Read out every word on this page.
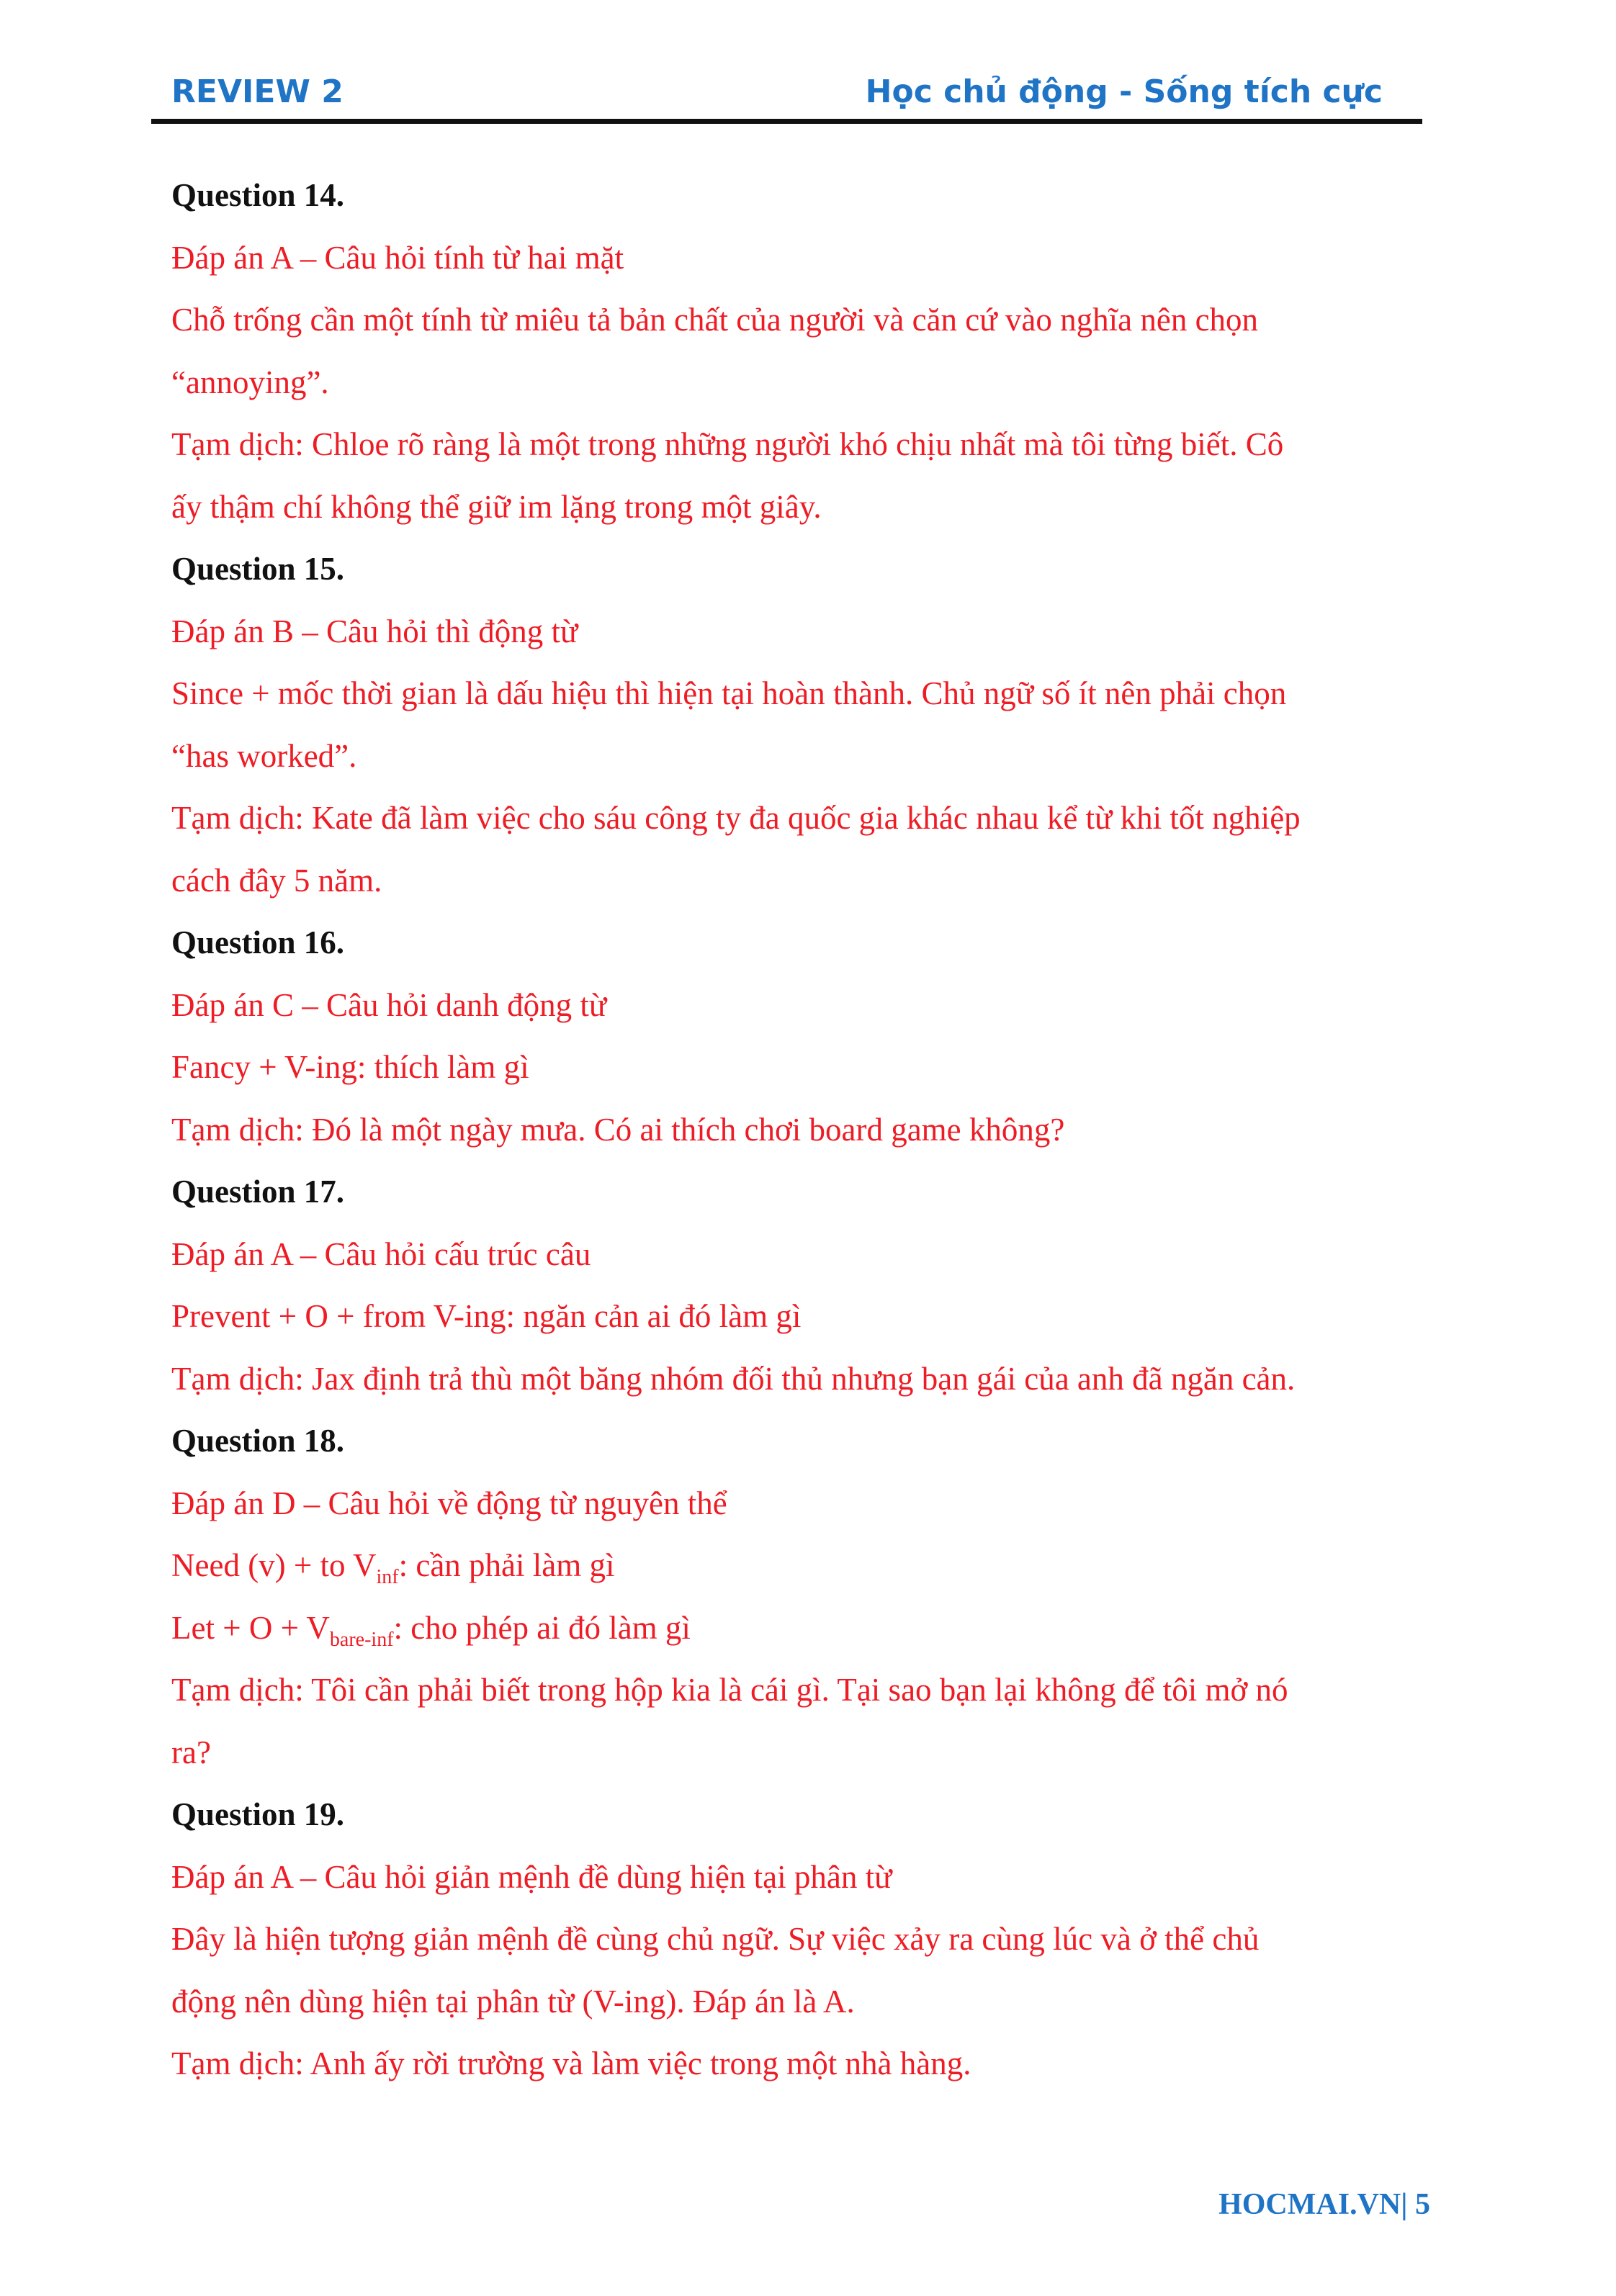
REVIEW 2	Học chủ động - Sống tích cực
Question 14.
Đáp án A – Câu hỏi tính từ hai mặt
Chỗ trống cần một tính từ miêu tả bản chất của người và căn cứ vào nghĩa nên chọn
“annoying”.
Tạm dịch: Chloe rõ ràng là một trong những người khó chịu nhất mà tôi từng biết. Cô
ấy thậm chí không thể giữ im lặng trong một giây.
Question 15.
Đáp án B – Câu hỏi thì động từ
Since + mốc thời gian là dấu hiệu thì hiện tại hoàn thành. Chủ ngữ số ít nên phải chọn
“has worked”.
Tạm dịch: Kate đã làm việc cho sáu công ty đa quốc gia khác nhau kể từ khi tốt nghiệp
cách đây 5 năm.
Question 16.
Đáp án C – Câu hỏi danh động từ
Fancy + V-ing: thích làm gì
Tạm dịch: Đó là một ngày mưa. Có ai thích chơi board game không?
Question 17.
Đáp án A – Câu hỏi cấu trúc câu
Prevent + O + from V-ing: ngăn cản ai đó làm gì
Tạm dịch: Jax định trả thù một băng nhóm đối thủ nhưng bạn gái của anh đã ngăn cản.
Question 18.
Đáp án D – Câu hỏi về động từ nguyên thể
Need (v) + to $V_{inf}$: cần phải làm gì
Let + $O + V_{bare-inf}$: cho phép ai đó làm gì
Tạm dịch: Tôi cần phải biết trong hộp kia là cái gì. Tại sao bạn lại không để tôi mở nó
ra?
Question 19.
Đáp án A – Câu hỏi giản mệnh đề dùng hiện tại phân từ
Đây là hiện tượng giản mệnh đề cùng chủ ngữ. Sự việc xảy ra cùng lúc và ở thể chủ
động nên dùng hiện tại phân từ (V-ing). Đáp án là A.
Tạm dịch: Anh ấy rời trường và làm việc trong một nhà hàng.
HOCMAI.VN| 5
